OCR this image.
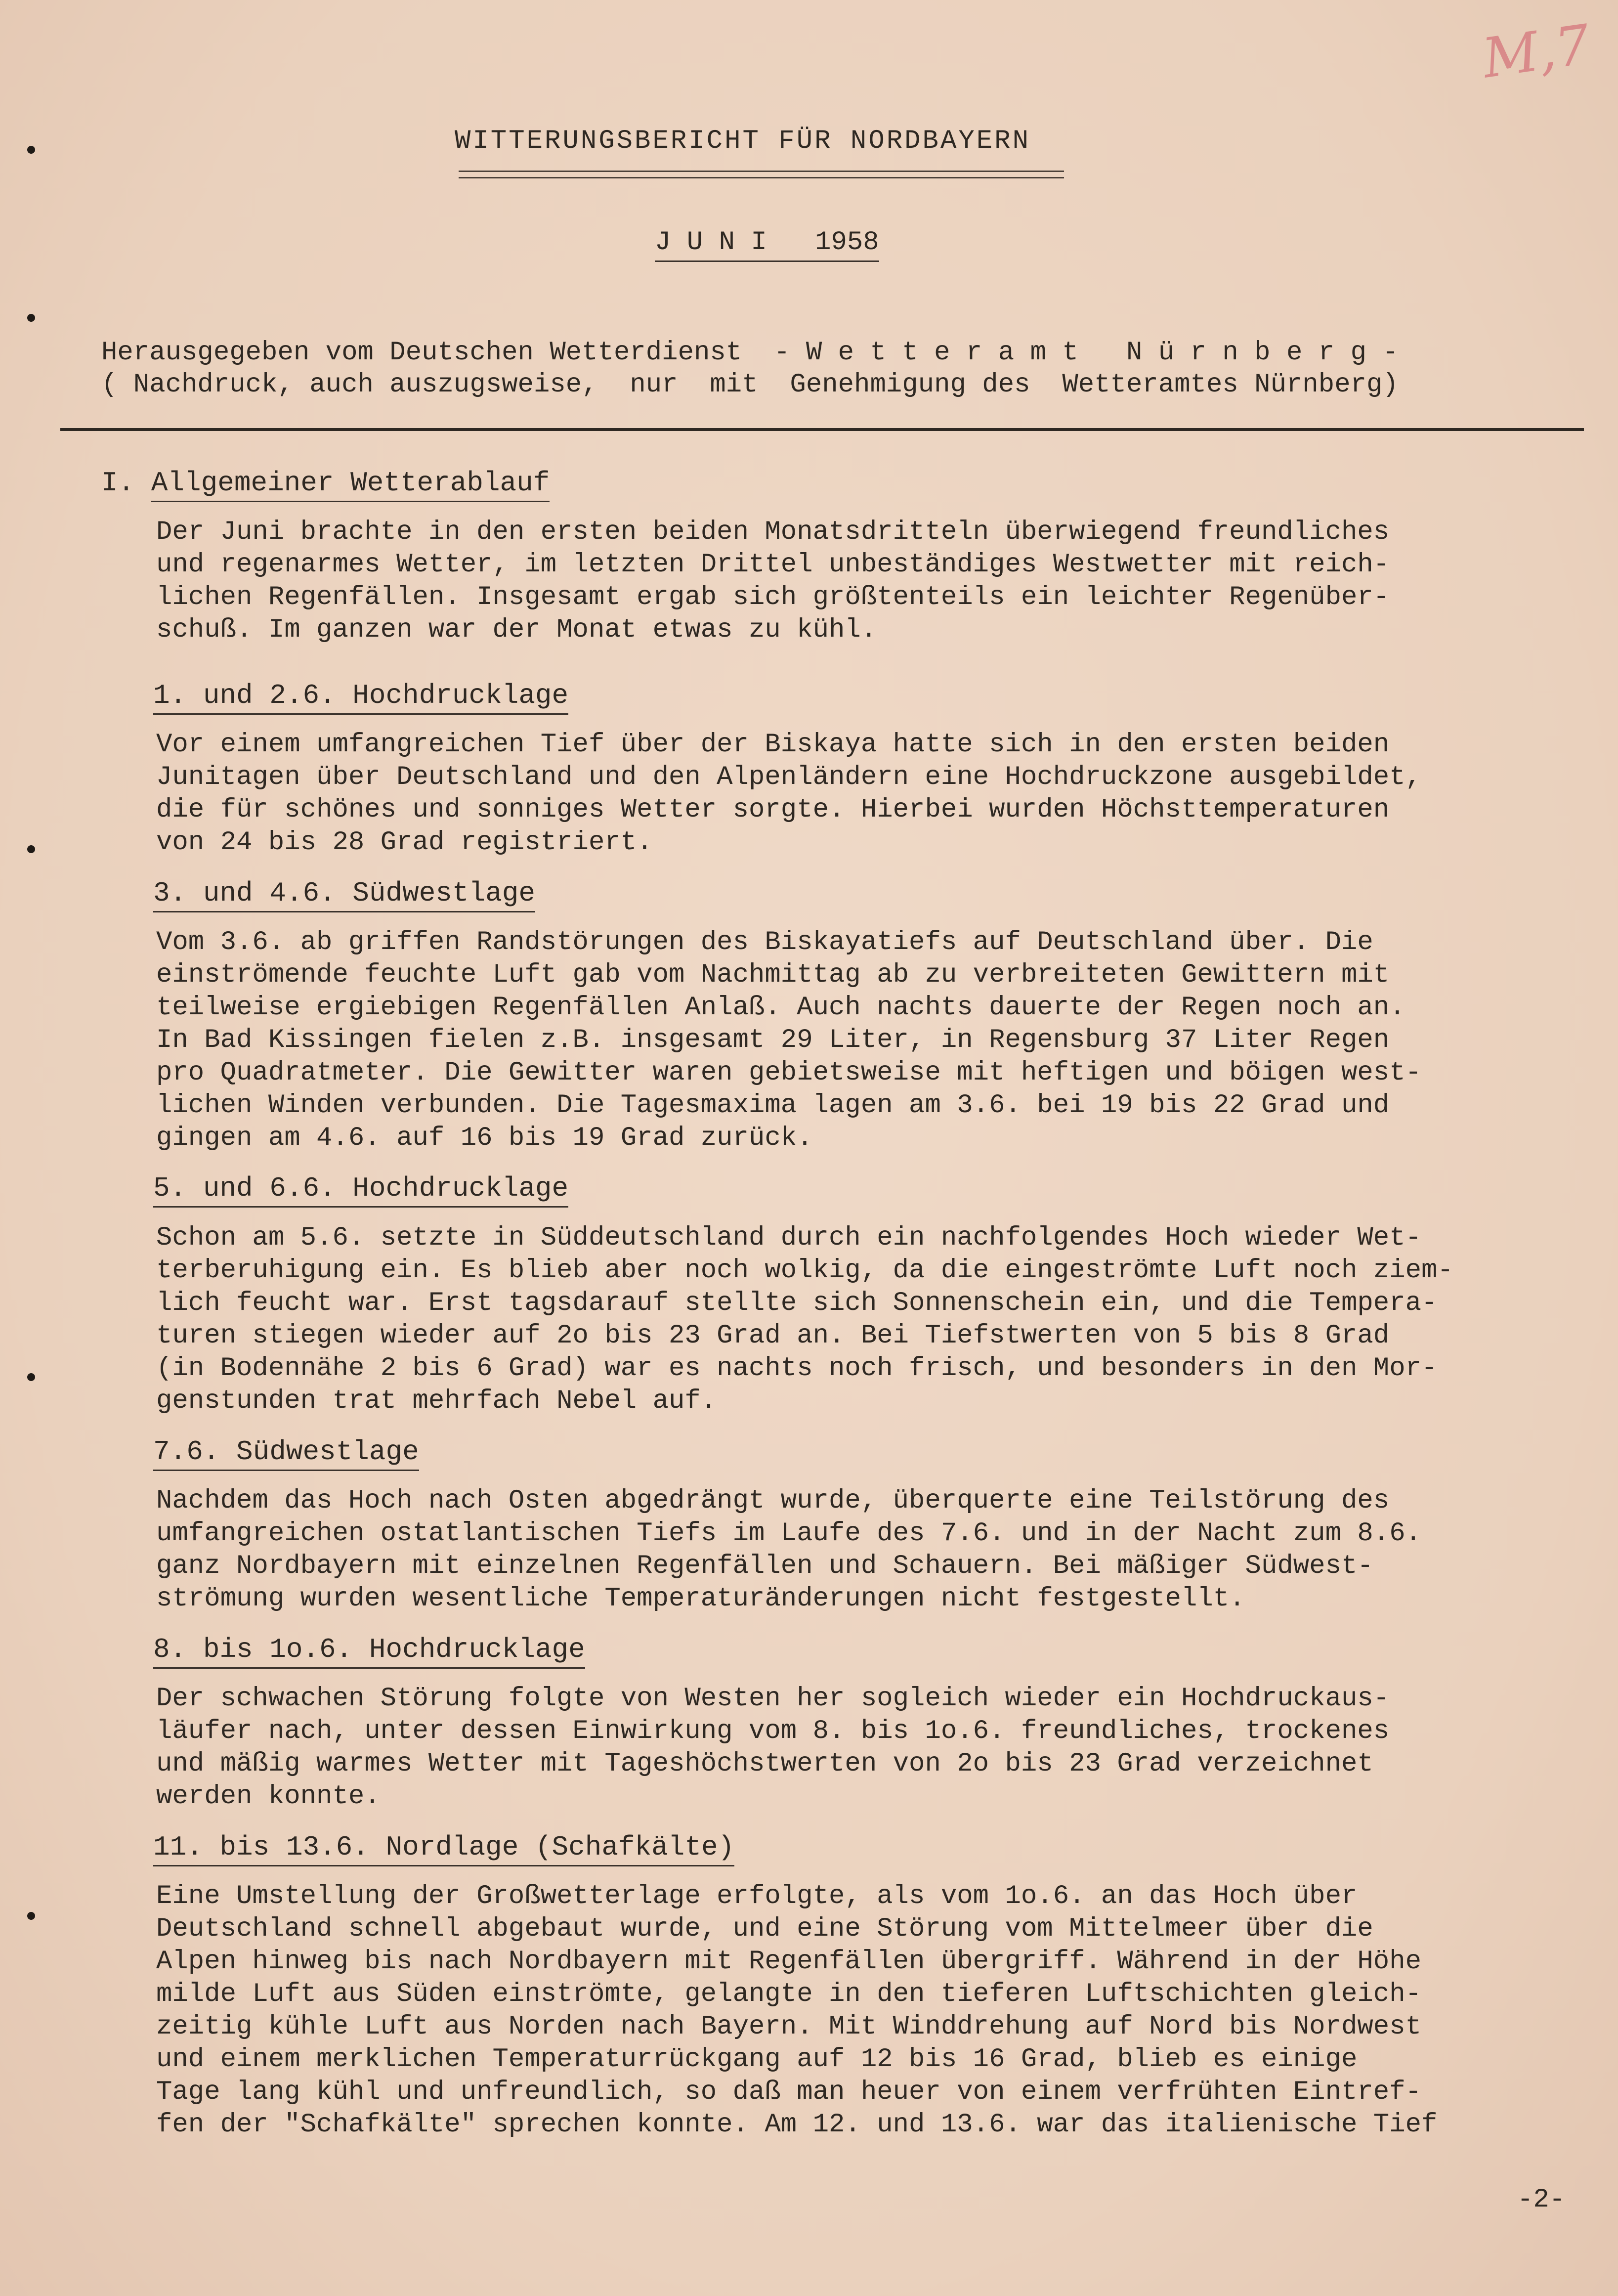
M,7
WITTERUNGSBERICHT FÜR NORDBAYERN
J U N I   1958
Herausgegeben vom Deutschen Wetterdienst  - W e t t e r a m t   N ü r n b e r g -
( Nachdruck, auch auszugsweise,  nur  mit  Genehmigung des  Wetteramtes Nürnberg)
I. Allgemeiner Wetterablauf
Der Juni brachte in den ersten beiden Monatsdritteln überwiegend freundliches
und regenarmes Wetter, im letzten Drittel unbeständiges Westwetter mit reich-
lichen Regenfällen. Insgesamt ergab sich größtenteils ein leichter Regenüber-
schuß. Im ganzen war der Monat etwas zu kühl.
1. und 2.6. Hochdrucklage
Vor einem umfangreichen Tief über der Biskaya hatte sich in den ersten beiden
Junitagen über Deutschland und den Alpenländern eine Hochdruckzone ausgebildet,
die für schönes und sonniges Wetter sorgte. Hierbei wurden Höchsttemperaturen
von 24 bis 28 Grad registriert.
3. und 4.6. Südwestlage
Vom 3.6. ab griffen Randstörungen des Biskayatiefs auf Deutschland über. Die
einströmende feuchte Luft gab vom Nachmittag ab zu verbreiteten Gewittern mit
teilweise ergiebigen Regenfällen Anlaß. Auch nachts dauerte der Regen noch an.
In Bad Kissingen fielen z.B. insgesamt 29 Liter, in Regensburg 37 Liter Regen
pro Quadratmeter. Die Gewitter waren gebietsweise mit heftigen und böigen west-
lichen Winden verbunden. Die Tagesmaxima lagen am 3.6. bei 19 bis 22 Grad und
gingen am 4.6. auf 16 bis 19 Grad zurück.
5. und 6.6. Hochdrucklage
Schon am 5.6. setzte in Süddeutschland durch ein nachfolgendes Hoch wieder Wet-
terberuhigung ein. Es blieb aber noch wolkig, da die eingeströmte Luft noch ziem-
lich feucht war. Erst tagsdarauf stellte sich Sonnenschein ein, und die Tempera-
turen stiegen wieder auf 2o bis 23 Grad an. Bei Tiefstwerten von 5 bis 8 Grad
(in Bodennähe 2 bis 6 Grad) war es nachts noch frisch, und besonders in den Mor-
genstunden trat mehrfach Nebel auf.
7.6. Südwestlage
Nachdem das Hoch nach Osten abgedrängt wurde, überquerte eine Teilstörung des
umfangreichen ostatlantischen Tiefs im Laufe des 7.6. und in der Nacht zum 8.6.
ganz Nordbayern mit einzelnen Regenfällen und Schauern. Bei mäßiger Südwest-
strömung wurden wesentliche Temperaturänderungen nicht festgestellt.
8. bis 1o.6. Hochdrucklage
Der schwachen Störung folgte von Westen her sogleich wieder ein Hochdruckaus-
läufer nach, unter dessen Einwirkung vom 8. bis 1o.6. freundliches, trockenes
und mäßig warmes Wetter mit Tageshöchstwerten von 2o bis 23 Grad verzeichnet
werden konnte.
11. bis 13.6. Nordlage (Schafkälte)
Eine Umstellung der Großwetterlage erfolgte, als vom 1o.6. an das Hoch über
Deutschland schnell abgebaut wurde, und eine Störung vom Mittelmeer über die
Alpen hinweg bis nach Nordbayern mit Regenfällen übergriff. Während in der Höhe
milde Luft aus Süden einströmte, gelangte in den tieferen Luftschichten gleich-
zeitig kühle Luft aus Norden nach Bayern. Mit Winddrehung auf Nord bis Nordwest
und einem merklichen Temperaturrückgang auf 12 bis 16 Grad, blieb es einige
Tage lang kühl und unfreundlich, so daß man heuer von einem verfrühten Eintref-
fen der "Schafkälte" sprechen konnte. Am 12. und 13.6. war das italienische Tief
-2-
